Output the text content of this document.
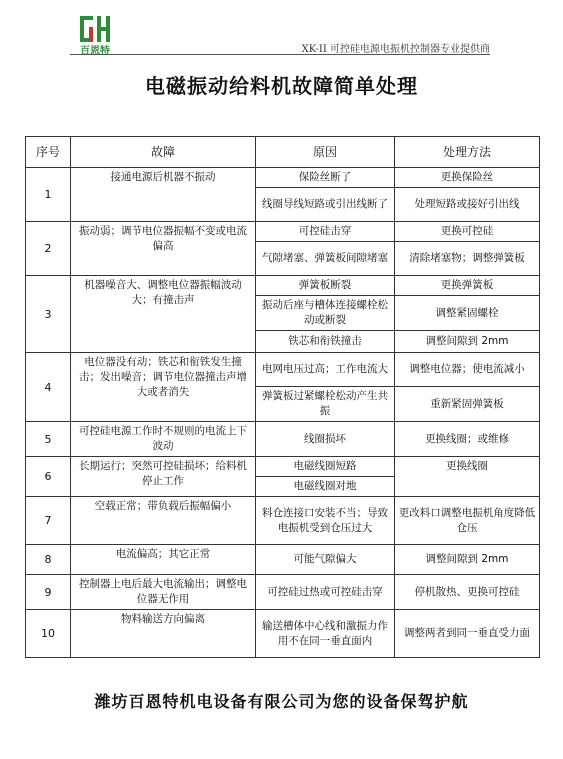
百恩特	XK-II 可控硅电源电振机控制器专业提供商
电磁振动给料机故障简单处理
序号	故障	原因	处理方法
1	接通电源后机器不振动	保险丝断了	更换保险丝
		线圈导线短路或引出线断了	处理短路或接好引出线
2	振动弱；调节电位器振幅不变或电流偏高	可控硅击穿	更换可控硅
		气隙堵塞、弹簧板间隙堵塞	清除堵塞物；调整弹簧板
3	机器噪音大、调整电位器振幅波动大；有撞击声	弹簧板断裂	更换弹簧板
		振动后座与槽体连接螺栓松动或断裂	调整紧固螺栓
		铁芯和衔铁撞击	调整间隙到 2mm
4	电位器没有动；铁芯和衔铁发生撞击；发出噪音；调节电位器撞击声增大或者消失	电网电压过高；工作电流大	调整电位器；使电流减小
		弹簧板过紧螺栓松动产生共振	重新紧固弹簧板
5	可控硅电源工作时不规则的电流上下波动	线圈损坏	更换线圈；或维修
6	长期运行；突然可控硅损坏；给料机停止工作	电磁线圈短路	更换线圈
		电磁线圈对地	
7	空载正常；带负载后振幅偏小	料仓连接口安装不当；导致电振机受到仓压过大	更改料口调整电振机角度降低仓压
8	电流偏高；其它正常	可能气隙偏大	调整间隙到 2mm
9	控制器上电后最大电流输出；调整电位器无作用	可控硅过热或可控硅击穿	停机散热、更换可控硅
10	物料输送方向偏离	输送槽体中心线和激振力作用不在同一垂直面内	调整两者到同一垂直受力面
潍坊百恩特机电设备有限公司为您的设备保驾护航
